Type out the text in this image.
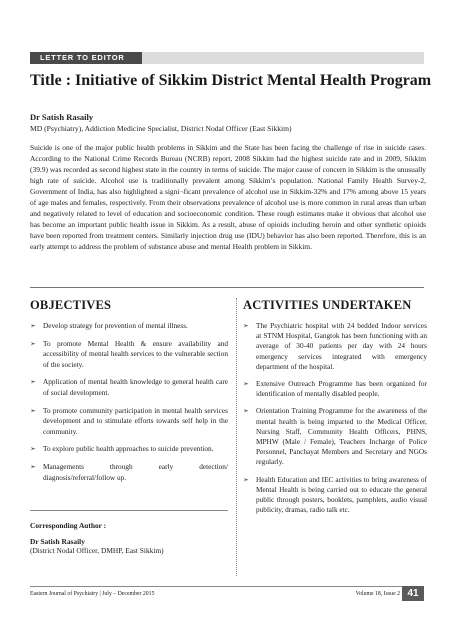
LETTER TO EDITOR
Title : Initiative of Sikkim District Mental Health Program
Dr Satish Rasaily
MD (Psychiatry), Addiction Medicine Specialist, District Nodal Officer (East Sikkim)

Suicide is one of the major public health problems in Sikkim and the State has been facing the challenge of rise in suicide cases. According to the National Crime Records Bureau (NCRB) report, 2008 Sikkim had the highest suicide rate and in 2009, Sikkim (39.9) was recorded as second highest state in the country in terms of suicide. The major cause of concern in Sikkim is the unusually high rate of suicide. Alcohol use is traditionally prevalent among Sikkim’s population. National Family Health Survey-2, Government of India, has also highlighted a signi¬ficant prevalence of alcohol use in Sikkim-32% and 17% among above 15 years of age males and females, respectively. From their observations prevalence of alcohol use is more common in rural areas than urban and negatively related to level of education and socioeconomic condition. These rough estimates make it obvious that alcohol use has become an important public health issue in Sikkim. As a result, abuse of opioids including heroin and other synthetic opioids have been reported from treatment centers. Similarly injection drug use (IDU) behavior has also been reported. Therefore, this is an early attempt to address the problem of substance abuse and mental Health problem in Sikkim.

OBJECTIVES
➣ Develop strategy for prevention of mental illness.
➣ To promote Mental Health & ensure availability and accessibility of mental health services to the vulnerable section of the society.
➣ Application of mental health knowledge to general health care of social development.
➣ To promote community participation in mental health services development and to stimulate efforts towards self help in the community.
➣ To explore public health approaches to suicide prevention.
➣ Managements through early detection/ diagnosis/referral/follow up.
ACTIVITIES UNDERTAKEN
➣ The Psychiatric hospital with 24 bedded Indoor services at STNM Hospital, Gangtok has been functioning with an average of 30-40 patients per day with 24 hours emergency services integrated with emergency department of the hospital.
➣ Extensive Outreach Programme has been organized for identification of mentally disabled people.
➣ Orientation Training Programme for the awareness of the mental health is being imparted to the Medical Officer, Nursing Staff, Community Health Officers, PHNS, MPHW (Male / Female), Teachers Incharge of Police Personnel, Panchayat Members and Secretary and NGOs regularly.
➣ Health Education and IEC activities to bring awareness of Mental Health is being carried out to educate the general public through posters, booklets, pamphlets, audio visual publicity, dramas, radio talk etc.
Corresponding Author :
Dr Satish Rasaily
(District Nodal Officer, DMHP, East Sikkim)
Eastern Journal of Psychiatry | July – December 2015	Volume 18, Issue 2 41
